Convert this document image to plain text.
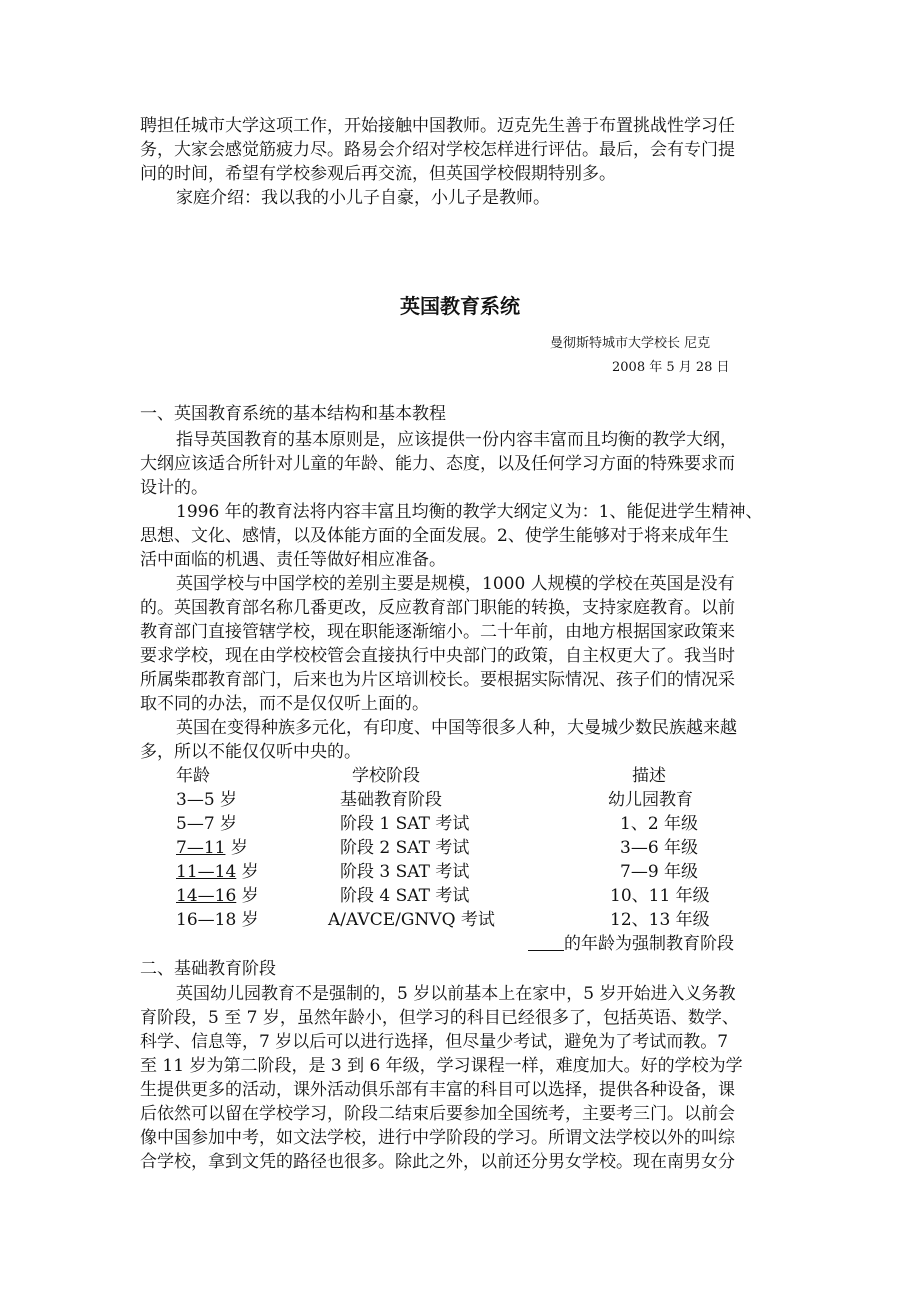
聘担任城市大学这项工作，开始接触中国教师。迈克先生善于布置挑战性学习任
务，大家会感觉筋疲力尽。路易会介绍对学校怎样进行评估。最后，会有专门提
问的时间，希望有学校参观后再交流，但英国学校假期特别多。
家庭介绍：我以我的小儿子自豪，小儿子是教师。
英国教育系统
曼彻斯特城市大学校长 尼克
2008 年 5 月 28 日
一、英国教育系统的基本结构和基本教程
指导英国教育的基本原则是，应该提供一份内容丰富而且均衡的教学大纲，
大纲应该适合所针对儿童的年龄、能力、态度，以及任何学习方面的特殊要求而
设计的。
1996 年的教育法将内容丰富且均衡的教学大纲定义为：1、能促进学生精神、
思想、文化、感情，以及体能方面的全面发展。2、使学生能够对于将来成年生
活中面临的机遇、责任等做好相应准备。
英国学校与中国学校的差别主要是规模，1000 人规模的学校在英国是没有
的。英国教育部名称几番更改，反应教育部门职能的转换，支持家庭教育。以前
教育部门直接管辖学校，现在职能逐渐缩小。二十年前，由地方根据国家政策来
要求学校，现在由学校校管会直接执行中央部门的政策，自主权更大了。我当时
所属柴郡教育部门，后来也为片区培训校长。要根据实际情况、孩子们的情况采
取不同的办法，而不是仅仅听上面的。
英国在变得种族多元化，有印度、中国等很多人种，大曼城少数民族越来越
多，所以不能仅仅听中央的。
年龄	学校阶段	描述
3—5 岁	基础教育阶段	幼儿园教育
5—7 岁	阶段 1 SAT 考试	1、2 年级
7—11 岁	阶段 2 SAT 考试	3—6 年级
11—14 岁	阶段 3 SAT 考试	7—9 年级
14—16 岁	阶段 4 SAT 考试	10、11 年级
16—18 岁	A/AVCE/GNVQ 考试	12、13 年级
的年龄为强制教育阶段
二、基础教育阶段
英国幼儿园教育不是强制的，5 岁以前基本上在家中，5 岁开始进入义务教
育阶段，5 至 7 岁，虽然年龄小，但学习的科目已经很多了，包括英语、数学、
科学、信息等，7 岁以后可以进行选择，但尽量少考试，避免为了考试而教。7
至 11 岁为第二阶段，是 3 到 6 年级，学习课程一样，难度加大。好的学校为学
生提供更多的活动，课外活动俱乐部有丰富的科目可以选择，提供各种设备，课
后依然可以留在学校学习，阶段二结束后要参加全国统考，主要考三门。以前会
像中国参加中考，如文法学校，进行中学阶段的学习。所谓文法学校以外的叫综
合学校，拿到文凭的路径也很多。除此之外，以前还分男女学校。现在南男女分
